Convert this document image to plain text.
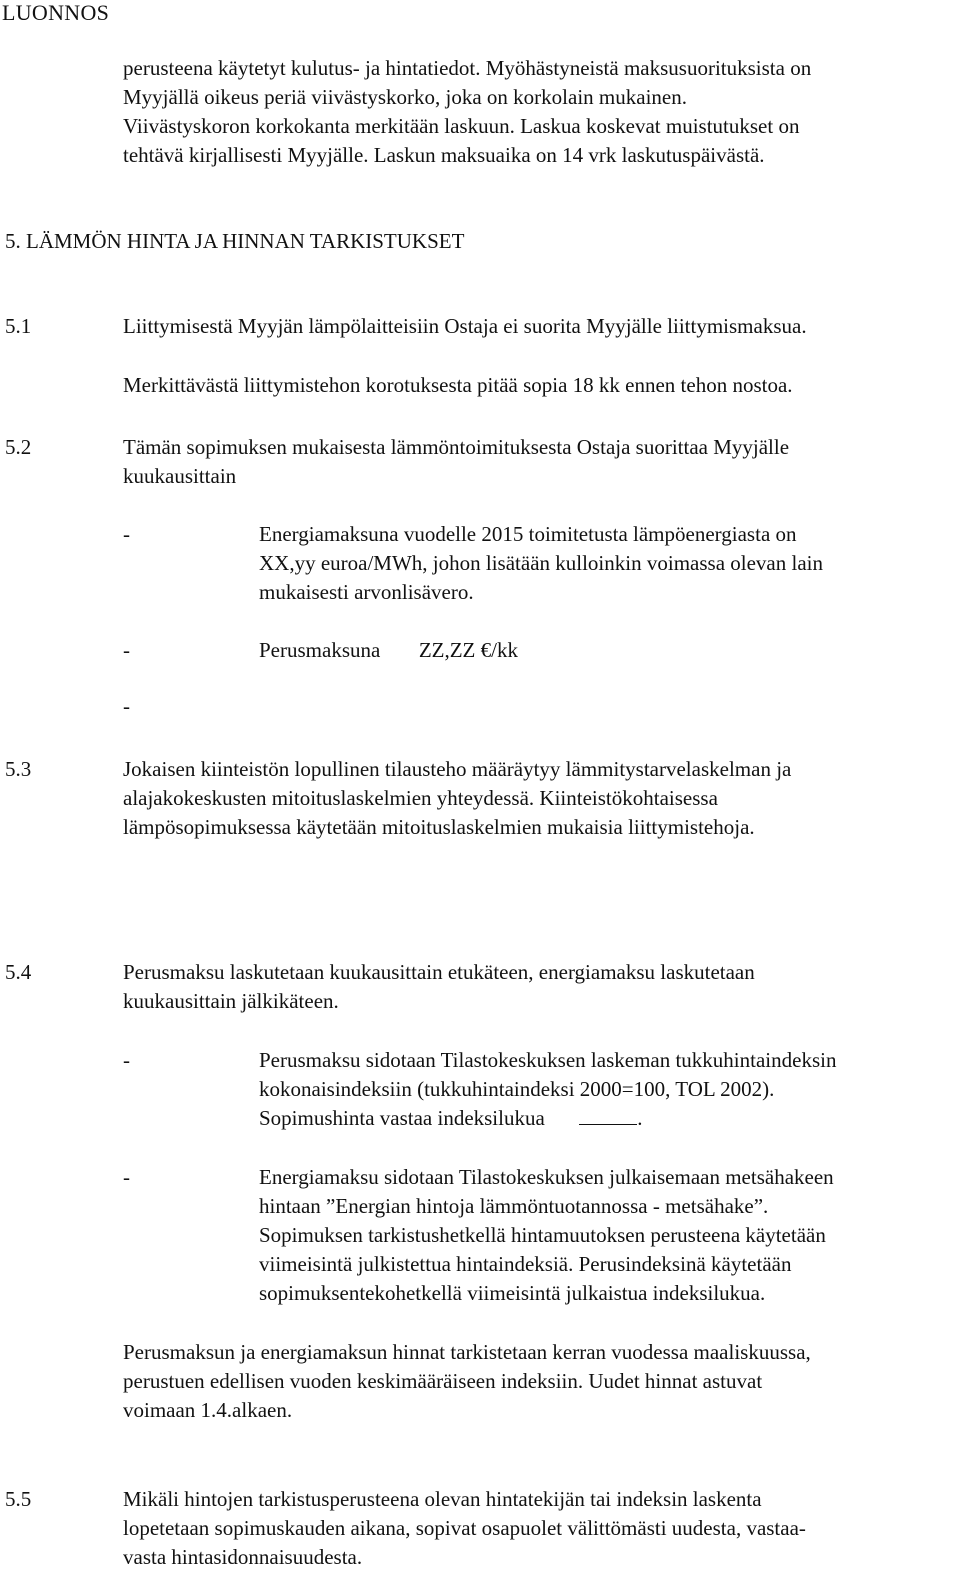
LUONNOS
perusteena käytetyt kulutus- ja hintatiedot. Myöhästyneistä maksusuorituksista on
Myyjällä oikeus periä viivästyskorko, joka on korkolain mukainen.
Viivästyskoron korkokanta merkitään laskuun. Laskua koskevat muistutukset on
tehtävä kirjallisesti Myyjälle. Laskun maksuaika on 14 vrk laskutuspäivästä.
5. LÄMMÖN HINTA JA HINNAN TARKISTUKSET
5.1	Liittymisestä Myyjän lämpölaitteisiin Ostaja ei suorita Myyjälle liittymismaksua.
Merkittävästä liittymistehon korotuksesta pitää sopia 18 kk ennen tehon nostoa.
5.2	Tämän sopimuksen mukaisesta lämmöntoimituksesta Ostaja suorittaa Myyjälle
kuukausittain
-	Energiamaksuna vuodelle 2015 toimitetusta lämpöenergiasta on
XX,yy euroa/MWh, johon lisätään kulloinkin voimassa olevan lain
mukaisesti arvonlisävero.
-	Perusmaksuna ZZ,ZZ €/kk
-
5.3	Jokaisen kiinteistön lopullinen tilausteho määräytyy lämmitystarvelaskelman ja
alajakokeskusten mitoituslaskelmien yhteydessä. Kiinteistökohtaisessa
lämpösopimuksessa käytetään mitoituslaskelmien mukaisia liittymistehoja.
5.4	Perusmaksu laskutetaan kuukausittain etukäteen, energiamaksu laskutetaan
kuukausittain jälkikäteen.
-	Perusmaksu sidotaan Tilastokeskuksen laskeman tukkuhintaindeksin
kokonaisindeksiin (tukkuhintaindeksi 2000=100, TOL 2002).
Sopimushinta vastaa indeksilukua	.
-	Energiamaksu sidotaan Tilastokeskuksen julkaisemaan metsähakeen
hintaan ”Energian hintoja lämmöntuotannossa - metsähake”.
Sopimuksen tarkistushetkellä hintamuutoksen perusteena käytetään
viimeisintä julkistettua hintaindeksiä. Perusindeksinä käytetään
sopimuksentekohetkellä viimeisintä julkaistua indeksilukua.
Perusmaksun ja energiamaksun hinnat tarkistetaan kerran vuodessa maaliskuussa,
perustuen edellisen vuoden keskimääräiseen indeksiin. Uudet hinnat astuvat
voimaan 1.4.alkaen.
5.5	Mikäli hintojen tarkistusperusteena olevan hintatekijän tai indeksin laskenta
lopetetaan sopimuskauden aikana, sopivat osapuolet välittömästi uudesta, vastaa-
vasta hintasidonnaisuudesta.
